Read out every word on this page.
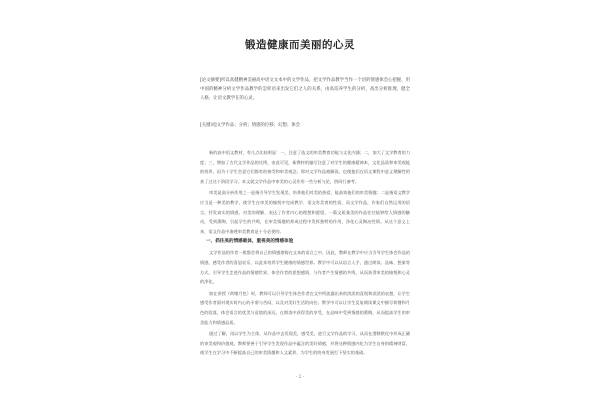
锻造健康而美丽的心灵

[论文摘要]所以高健精神美丽高中语文文本中的文学作品，把文学作品教学当作一个语的情感体会心把握，用中国的精神分析文学作品教学的怎样语来出发它们之人的关系，由高培养学生的分析，高出分析推理，健全人格，让语文教学在的心灵。

[关键词]文学作品；分析；情感的位移；幻想；体会

新的高中语文教材，有几点比较明显：一，注意了选文的审美教育功能与文化内涵；二，加大了文学教育的力度；三，增加了古代文学作品的比例，由此可见，新教材的编写注意了对学生的健康精神本，文化品质和审美观能的培养，因为十学生会是它们都有的接受和审美观念。那对文学作品被解读，也使他们在语文课程中意义理解性的获了过这个阶段学习。本文就文学作品中审美的心灵作用一些分析与论，供同行参考。

审美是高分析作用之一是指引导学生发现美，培养他们对美的热爱，能高效他们的审美情趣；二是指语文教学应当是一种美的教学，使学生在审美的愉悦中完成教学、语文有美育的性质，而文学作品，作家们自然运用的语言，抒发真实的情感，对美的理解，表达了作者内心的理想和愿望，一篇文质兼美的作品往往能够给人情感的触动，受到熏陶，引起学生的共鸣，在审美情趣的养成过程中发挥独特的作用，净化心灵陶冶性情。从这个意义上来，语文作品中渗透审美教育是十分必要的。

一、抓住美的情感载体，重视美的情感体验

文学作品的作者一般都会将自己的情感熔铸在文本的语言之中，因此，教师在教学中应当引导学生体会作品的情感，感受作者的喜怒哀乐，以此来培养学生健康的情感世界。教学中可以从语言入手，通过朗读、品味、想象等方式，引导学生走进作品的情感世界，体会作者的思想感情，与作者产生情感的共鸣，从而获得审美的愉悦和心灵的净化。

如在讲授《荷塘月色》时，教师可以引导学生体会作者在文中所流露出来的淡淡的喜悦和淡淡的哀愁，让学生感受作者面对现实时内心的矛盾与苦闷，以及对美好生活的向往。教学中可以让学生反复朗读课文中描写荷塘和月色的段落，体会语言的优美与意境的深远，在朗读中获得美的享受，在品味中受到情感的熏陶，从而提高学生的审美能力和情感品质。

通过了解，再以学生为主体，从作品中去发现美，感受美，进行文学作品的学习，从而在潜移默化中形成正确的审美观和价值观。教师要善于引导学生发现作品中蕴含的美好情感，并将这种情感内化为学生自身的精神财富，使学生在学习中不断提高自己的审美情趣和人文素养，为学生的终身发展打下坚实的基础。

- 2 -
